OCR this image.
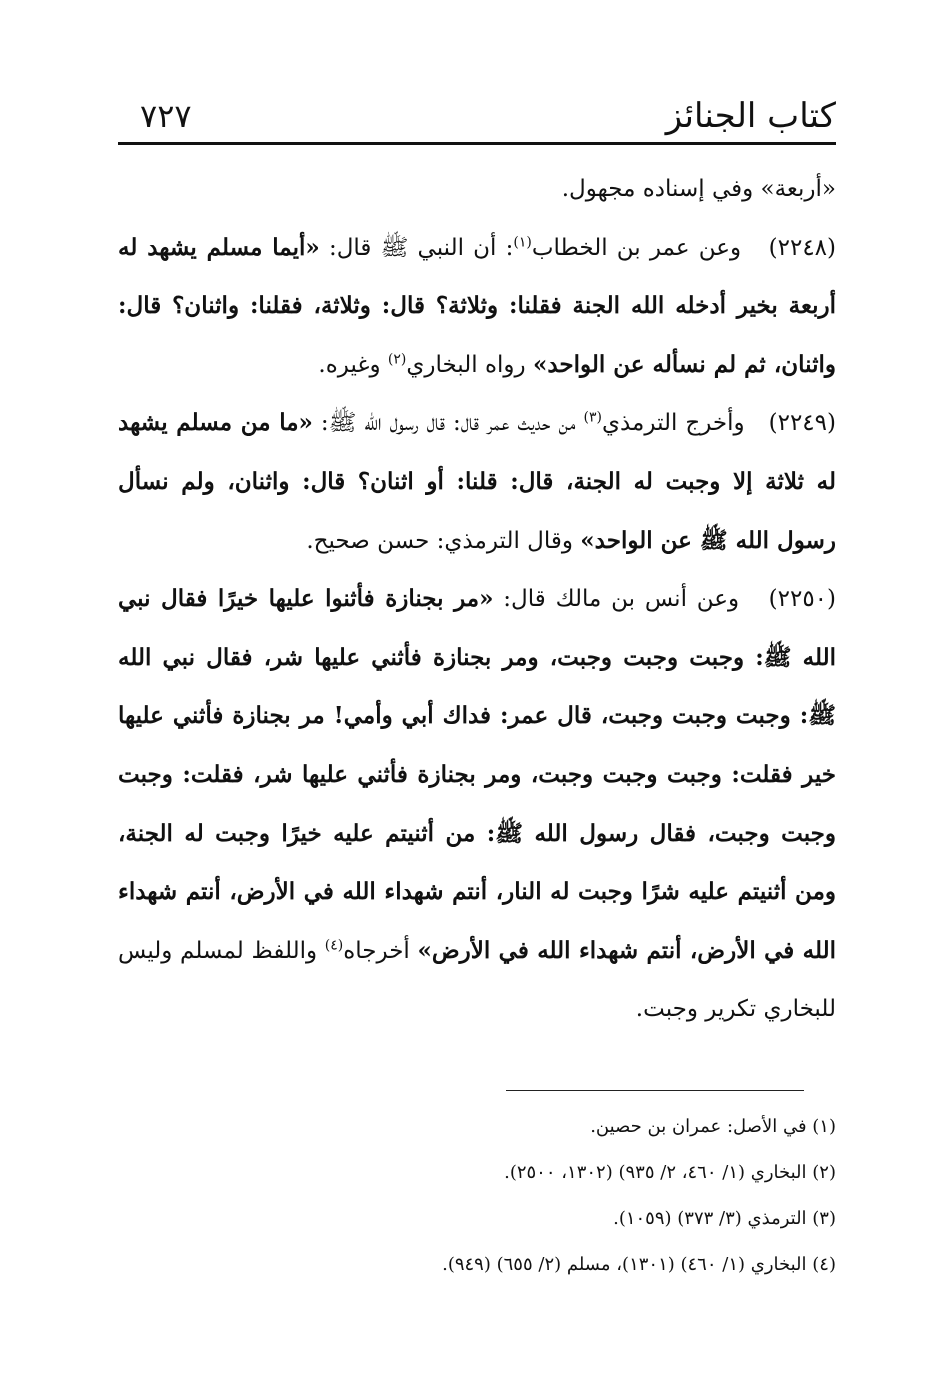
كتاب الجنائز
٧٢٧

«أربعة» وفي إسناده مجهول.

(٢٢٤٨)   وعن عمر بن الخطاب$^{(١)}$: أن النبي ﷺ قال: «أيما مسلم يشهد له أربعة بخير أدخله الله الجنة فقلنا: وثلاثة؟ قال: وثلاثة، فقلنا: واثنان؟ قال: واثنان، ثم لم نسأله عن الواحد» رواه البخاري$^{(٢)}$ وغيره.

(٢٢٤٩)   وأخرج الترمذي$^{(٣)}$ من حديث عمر قال: قال رسول الله ﷺ: «ما من مسلم يشهد له ثلاثة إلا وجبت له الجنة، قال: قلنا: أو اثنان؟ قال: واثنان، ولم نسأل رسول الله ﷺ عن الواحد» وقال الترمذي: حسن صحيح.

(٢٢٥٠)   وعن أنس بن مالك قال: «مر بجنازة فأثنوا عليها خيرًا فقال نبي الله ﷺ: وجبت وجبت وجبت، ومر بجنازة فأثني عليها شر، فقال نبي الله ﷺ: وجبت وجبت وجبت، قال عمر: فداك أبي وأمي! مر بجنازة فأثني عليها خير فقلت: وجبت وجبت وجبت، ومر بجنازة فأثني عليها شر، فقلت: وجبت وجبت وجبت، فقال رسول الله ﷺ: من أثنيتم عليه خيرًا وجبت له الجنة، ومن أثنيتم عليه شرًا وجبت له النار، أنتم شهداء الله في الأرض، أنتم شهداء الله في الأرض، أنتم شهداء الله في الأرض» أخرجاه$^{(٤)}$ واللفظ لمسلم وليس للبخاري تكرير وجبت.

(١) في الأصل: عمران بن حصين.

(٢) البخاري (١/ ٤٦٠، ٢/ ٩٣٥) (١٣٠٢، ٢٥٠٠).

(٣) الترمذي (٣/ ٣٧٣) (١٠٥٩).

(٤) البخاري (١/ ٤٦٠) (١٣٠١)، مسلم (٢/ ٦٥٥) (٩٤٩).
